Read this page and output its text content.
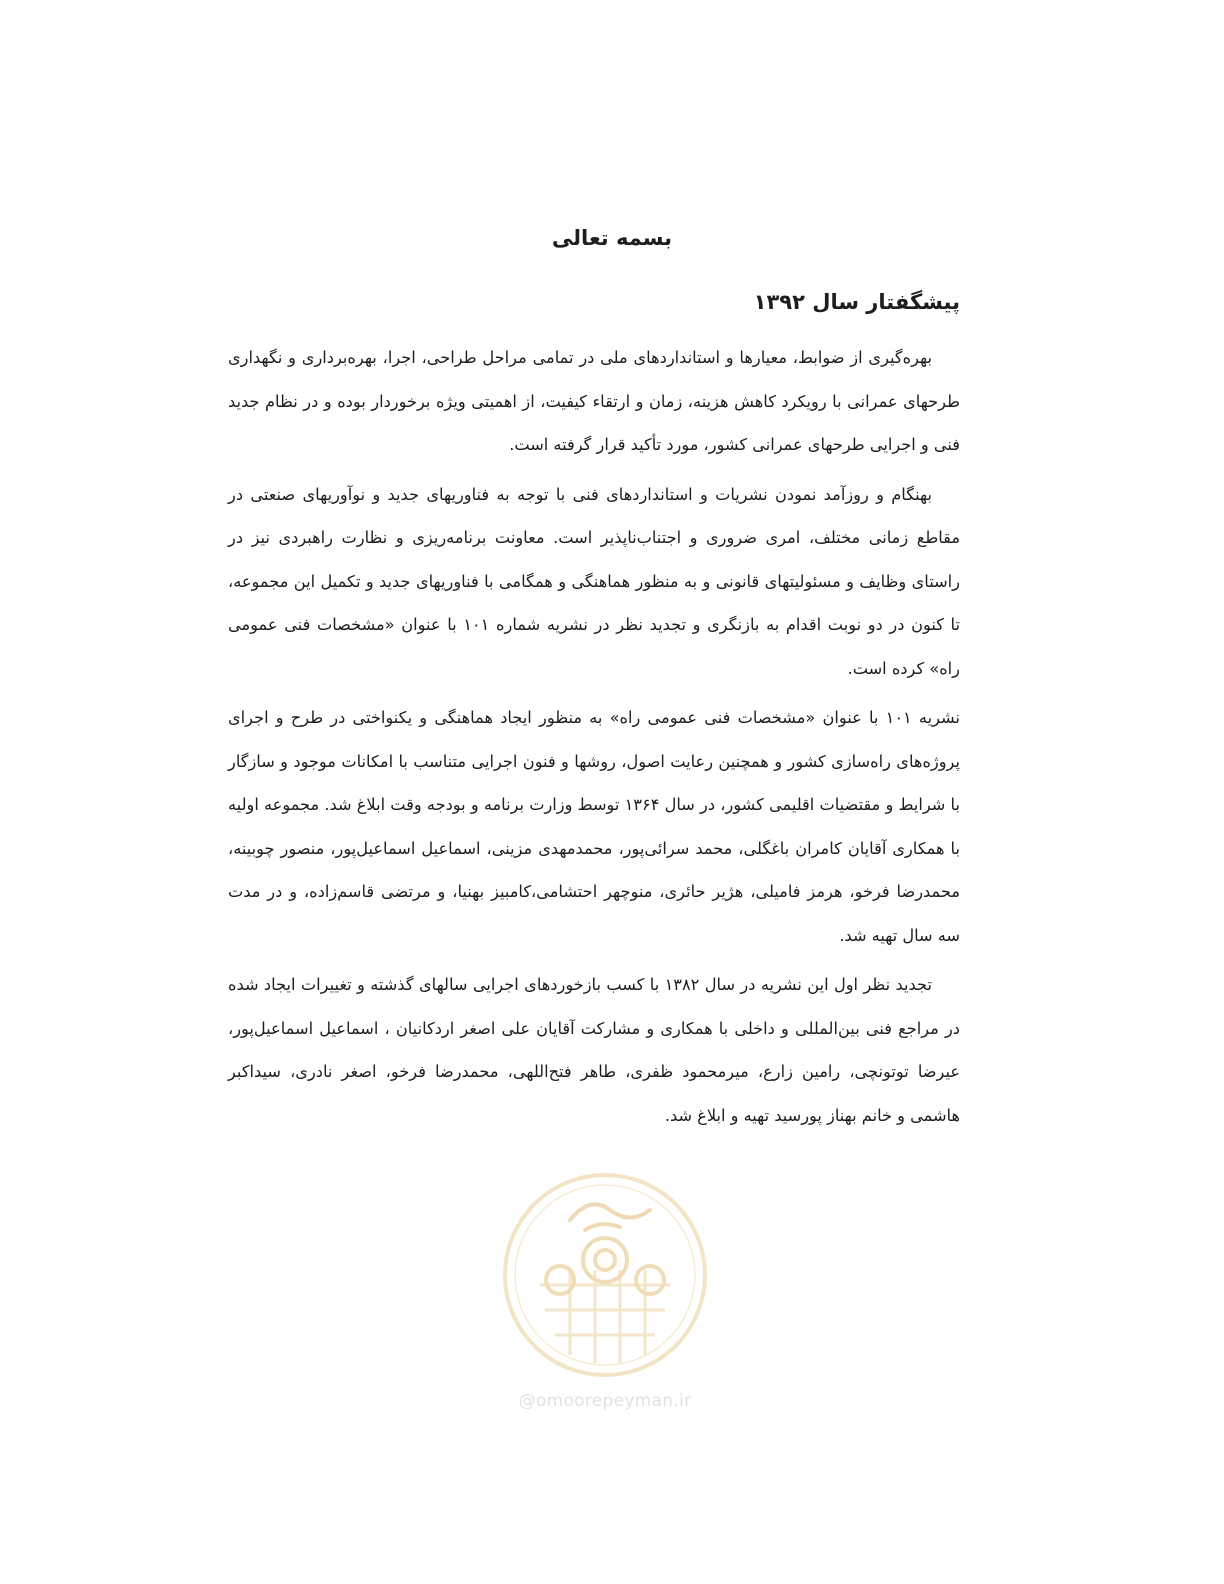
بسمه تعالی
پیشگفتار سال ۱۳۹۲

بهره‌گیری از ضوابط، معیارها و استانداردهای ملی در تمامی مراحل طراحی، اجرا، بهره‌برداری و نگهداری طرحهای عمرانی با رویکرد کاهش هزینه، زمان و ارتقاء کیفیت، از اهمیتی ویژه برخوردار بوده و در نظام جدید فنی و اجرایی طرحهای عمرانی کشور، مورد تأکید قرار گرفته است.

بهنگام و روزآمد نمودن نشریات و استانداردهای فنی با توجه به فناوریهای جدید و نوآوریهای صنعتی در مقاطع زمانی مختلف، امری ضروری و اجتناب‌ناپذیر است. معاونت برنامه‌ریزی و نظارت راهبردی نیز در راستای وظایف و مسئولیتهای قانونی و به منظور هماهنگی و همگامی با فناوریهای جدید و تکمیل این مجموعه، تا کنون در دو نوبت اقدام به بازنگری و تجدید نظر در نشریه شماره ۱۰۱ با عنوان «مشخصات فنی عمومی راه» کرده است.

نشریه ۱۰۱ با عنوان «مشخصات فنی عمومی راه» به منظور ایجاد هماهنگی و یکنواختی در طرح و اجرای پروژه‌های راه‌سازی کشور و همچنین رعایت اصول، روشها و فنون اجرایی متناسب با امکانات موجود و سازگار با شرایط و مقتضیات اقلیمی کشور، در سال ۱۳۶۴ توسط وزارت برنامه و بودجه وقت ابلاغ شد. مجموعه اولیه با همکاری آقایان کامران باغگلی، محمد سرائی‌پور، محمدمهدی مزینی، اسماعیل اسماعیل‌پور، منصور چوبینه، محمدرضا فرخو، هرمز فامیلی، هژیر حائری، منوچهر احتشامی،کامبیز بهنیا، و مرتضی قاسم‌زاده، و در مدت سه سال تهیه شد.

تجدید نظر اول این نشریه در سال ۱۳۸۲ با کسب بازخوردهای اجرایی سالهای گذشته و تغییرات ایجاد شده در مراجع فنی بین‌المللی و داخلی با همکاری و مشارکت آقایان علی اصغر اردکانیان ، اسماعیل اسماعیل‌پور، عیرضا توتونچی، رامین زارع، میرمحمود ظفری، طاهر فتح‌اللهی، محمدرضا فرخو، اصغر نادری، سیداکبر هاشمی و خانم بهناز پورسید تهیه و ابلاغ شد.

@omoorepeyman.ir
